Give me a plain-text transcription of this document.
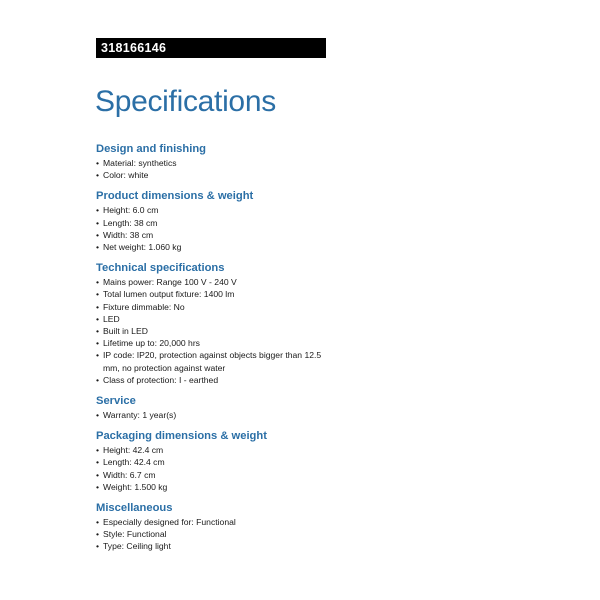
318166146
Specifications
Design and finishing
• Material: synthetics
• Color: white
Product dimensions & weight
• Height: 6.0 cm
• Length: 38 cm
• Width: 38 cm
• Net weight: 1.060 kg
Technical specifications
• Mains power: Range 100 V - 240 V
• Total lumen output fixture: 1400 lm
• Fixture dimmable: No
• LED
• Built in LED
• Lifetime up to: 20,000 hrs
• IP code: IP20, protection against objects bigger than 12.5 mm, no protection against water
• Class of protection: I - earthed
Service
• Warranty: 1 year(s)
Packaging dimensions & weight
• Height: 42.4 cm
• Length: 42.4 cm
• Width: 6.7 cm
• Weight: 1.500 kg
Miscellaneous
• Especially designed for: Functional
• Style: Functional
• Type: Ceiling light
